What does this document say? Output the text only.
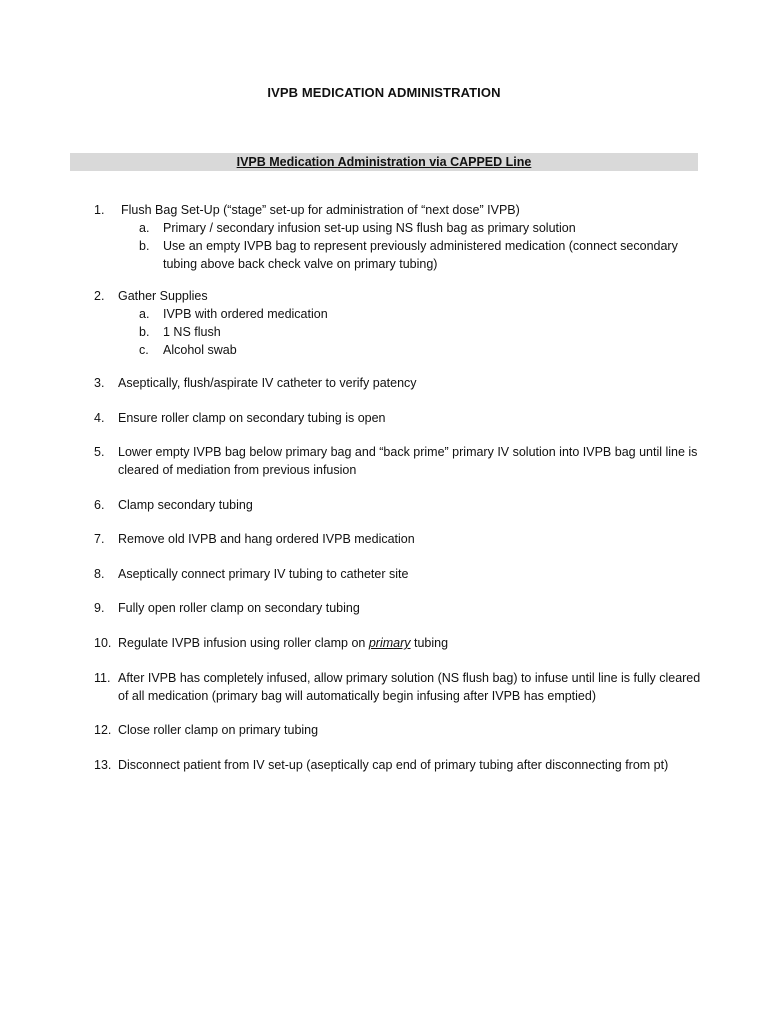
IVPB MEDICATION ADMINISTRATION
IVPB Medication Administration via CAPPED Line
1.	Flush Bag Set-Up (“stage” set-up for administration of “next dose” IVPB)
a. Primary / secondary infusion set-up using NS flush bag as primary solution
b. Use an empty IVPB bag to represent previously administered medication (connect secondary tubing above back check valve on primary tubing)
2.	Gather Supplies
a. IVPB with ordered medication
b. 1 NS flush
c. Alcohol swab
3.	Aseptically, flush/aspirate IV catheter to verify patency
4.	Ensure roller clamp on secondary tubing is open
5.	Lower empty IVPB bag below primary bag and “back prime” primary IV solution into IVPB bag until line is cleared of mediation from previous infusion
6.	Clamp secondary tubing
7.	Remove old IVPB and hang ordered IVPB medication
8.	Aseptically connect primary IV tubing to catheter site
9.	Fully open roller clamp on secondary tubing
10. Regulate IVPB infusion using roller clamp on primary tubing
11. After IVPB has completely infused, allow primary solution (NS flush bag) to infuse until line is fully cleared of all medication (primary bag will automatically begin infusing after IVPB has emptied)
12. Close roller clamp on primary tubing
13. Disconnect patient from IV set-up (aseptically cap end of primary tubing after disconnecting from pt)
